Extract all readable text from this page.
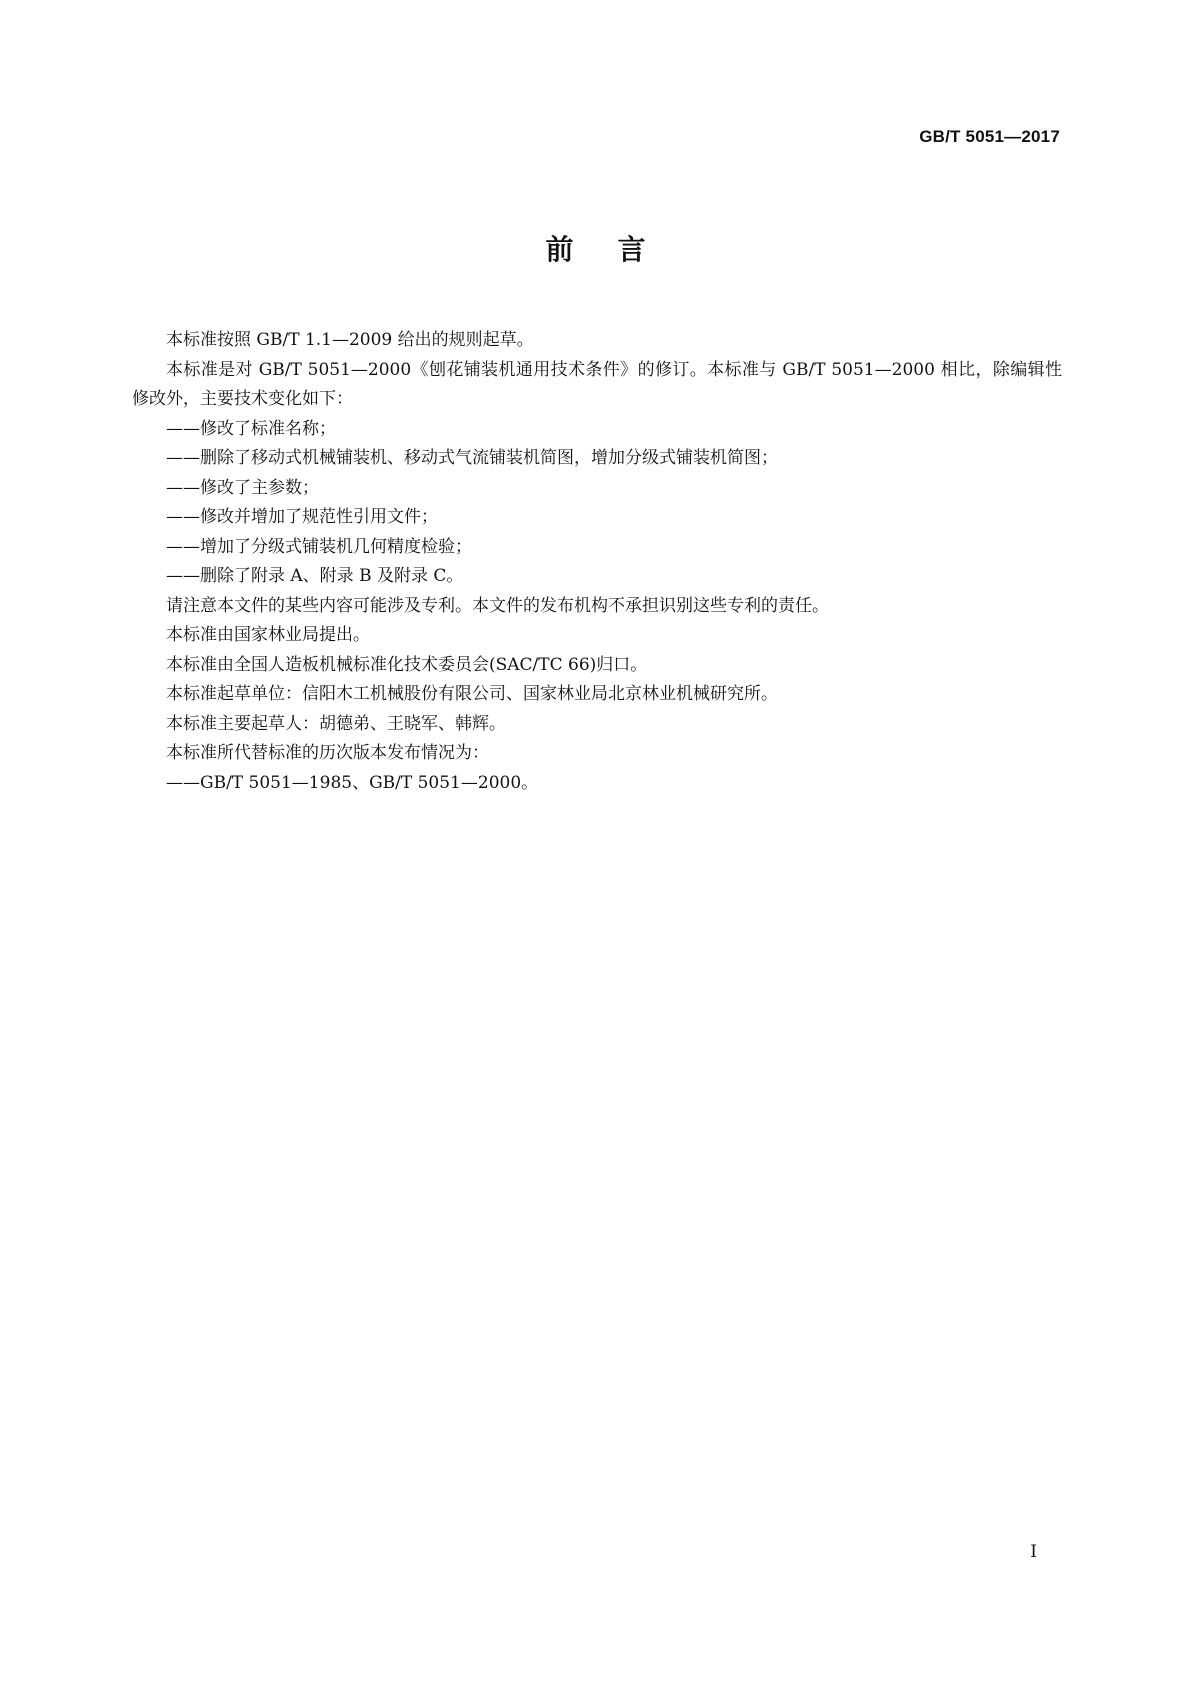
GB/T 5051—2017
前言

本标准按照 GB/T 1.1—2009 给出的规则起草。

本标准是对 GB/T 5051—2000《刨花铺装机通用技术条件》的修订。本标准与 GB/T 5051—2000 相比，除编辑性修改外，主要技术变化如下：

——修改了标准名称；

——删除了移动式机械铺装机、移动式气流铺装机简图，增加分级式铺装机简图；

——修改了主参数；

——修改并增加了规范性引用文件；

——增加了分级式铺装机几何精度检验；

——删除了附录 A、附录 B 及附录 C。

请注意本文件的某些内容可能涉及专利。本文件的发布机构不承担识别这些专利的责任。

本标准由国家林业局提出。

本标准由全国人造板机械标准化技术委员会(SAC/TC 66)归口。

本标准起草单位：信阳木工机械股份有限公司、国家林业局北京林业机械研究所。

本标准主要起草人：胡德弟、王晓军、韩辉。

本标准所代替标准的历次版本发布情况为：

——GB/T 5051—1985、GB/T 5051—2000。

I
